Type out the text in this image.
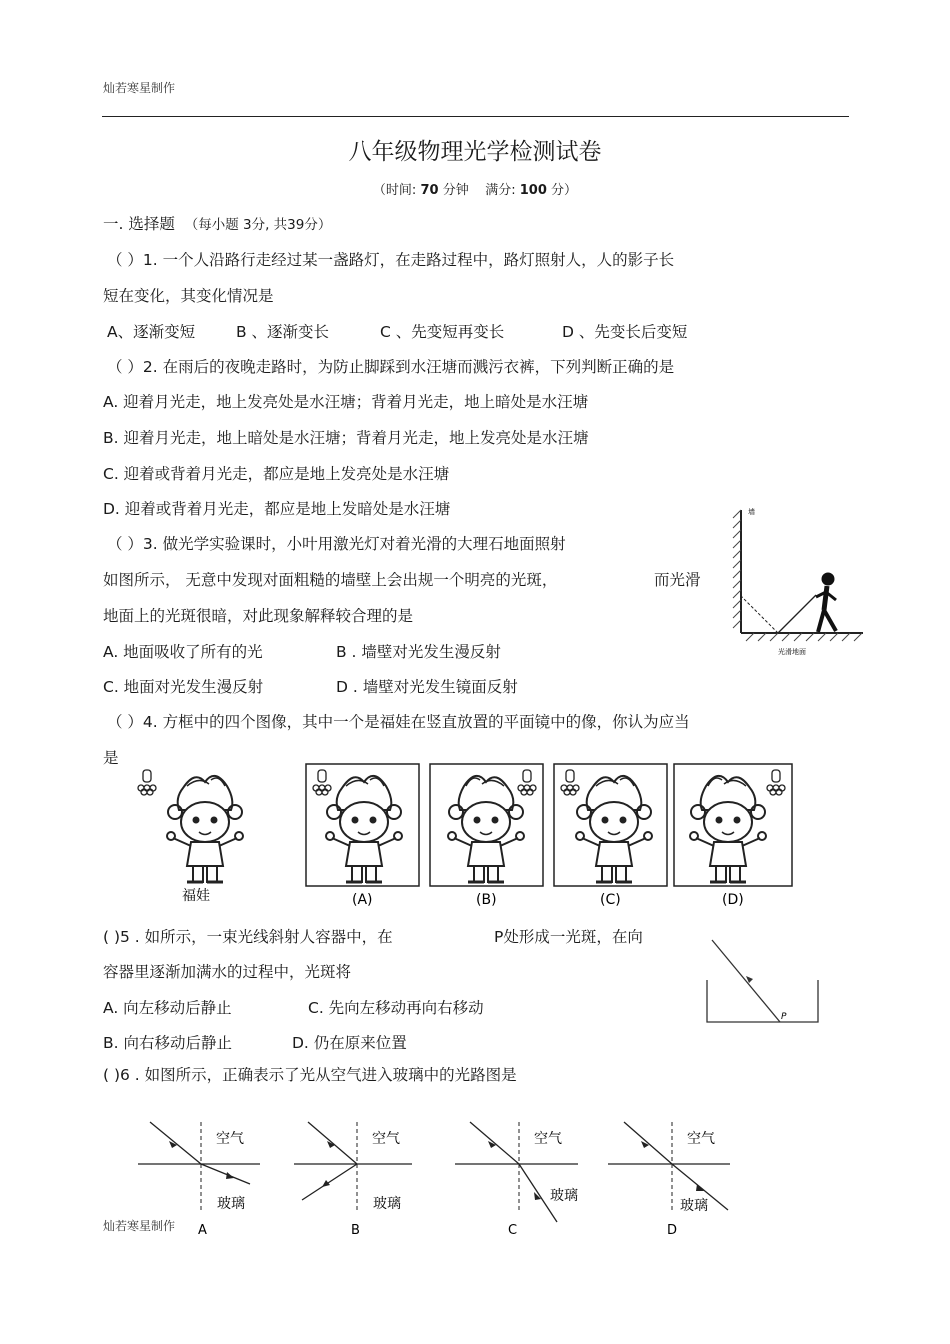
灿若寒星制作
八年级物理光学检测试卷
（时间: 70 分钟 满分: 100 分）
一. 选择题 （每小题 3分, 共39分）
（ ）1. 一个人沿路行走经过某一盏路灯，在走路过程中，路灯照射人，人的影子长
短在变化，其变化情况是
A、逐渐变短	B 、逐渐变长	C 、先变短再变长	D 、先变长后变短
（ ）2. 在雨后的夜晚走路时，为防止脚踩到水汪塘而溅污衣裤，下列判断正确的是
A. 迎着月光走，地上发亮处是水汪塘；背着月光走，地上暗处是水汪塘
B. 迎着月光走，地上暗处是水汪塘；背着月光走，地上发亮处是水汪塘
C. 迎着或背着月光走，都应是地上发亮处是水汪塘
D. 迎着或背着月光走，都应是地上发暗处是水汪塘
（ ）3. 做光学实验课时，小叶用激光灯对着光滑的大理石地面照射
如图所示， 无意中发现对面粗糙的墙壁上会出规一个明亮的光斑，	而光滑
地面上的光斑很暗，对此现象解释较合理的是
A. 地面吸收了所有的光	B . 墙壁对光发生漫反射
C. 地面对光发生漫反射	D . 墙壁对光发生镜面反射
墙
光滑地面
（ ）4. 方框中的四个图像，其中一个是福娃在竖直放置的平面镜中的像，你认为应当
是
福娃	(A)	(B)	(C)	(D)
( )5 . 如所示，一束光线斜射人容器中，在	P处形成一光斑，在向
容器里逐渐加满水的过程中，光斑将
A. 向左移动后静止	C. 先向左移动再向右移动
B. 向右移动后静止	D. 仍在原来位置
P
( )6 . 如图所示，正确表示了光从空气进入玻璃中的光路图是
空气
玻璃
A
空气
玻璃
B
空气
玻璃
C
空气
玻璃
D
灿若寒星制作
